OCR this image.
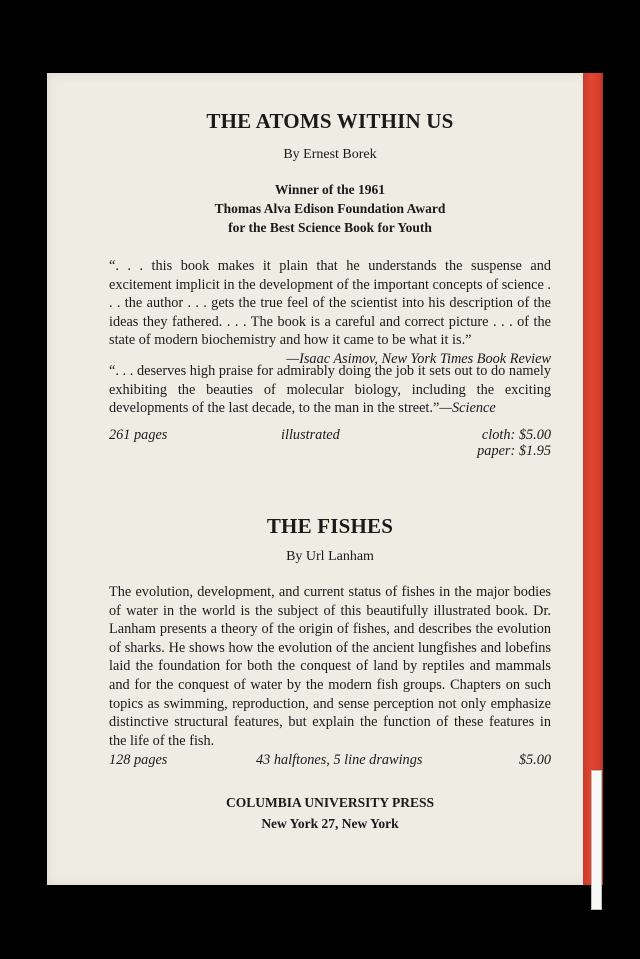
THE ATOMS WITHIN US

By Ernest Borek

Winner of the 1961
Thomas Alva Edison Foundation Award
for the Best Science Book for Youth
“. . . this book makes it plain that he understands the suspense and excitement implicit in the development of the important concepts of science . . . the author . . . gets the true feel of the scientist into his description of the ideas they fathered. . . . The book is a careful and correct picture . . . of the state of modern biochemistry and how it came to be what it is.”
—Isaac Asimov, New York Times Book Review
“. . . deserves high praise for admirably doing the job it sets out to do namely exhibiting the beauties of molecular biology, including the exciting developments of the last decade, to the man in the street.”—Science
261 pages	illustrated	cloth: $5.00
paper: $1.95
THE FISHES

By Url Lanham

The evolution, development, and current status of fishes in the major bodies of water in the world is the subject of this beautifully illustrated book. Dr. Lanham presents a theory of the origin of fishes, and describes the evolution of sharks. He shows how the evolution of the ancient lungfishes and lobefins laid the foundation for both the conquest of land by reptiles and mammals and for the conquest of water by the modern fish groups. Chapters on such topics as swimming, reproduction, and sense perception not only emphasize distinctive structural features, but explain the function of these features in the life of the fish.
128 pages	43 halftones, 5 line drawings	$5.00
COLUMBIA UNIVERSITY PRESS
New York 27, New York
